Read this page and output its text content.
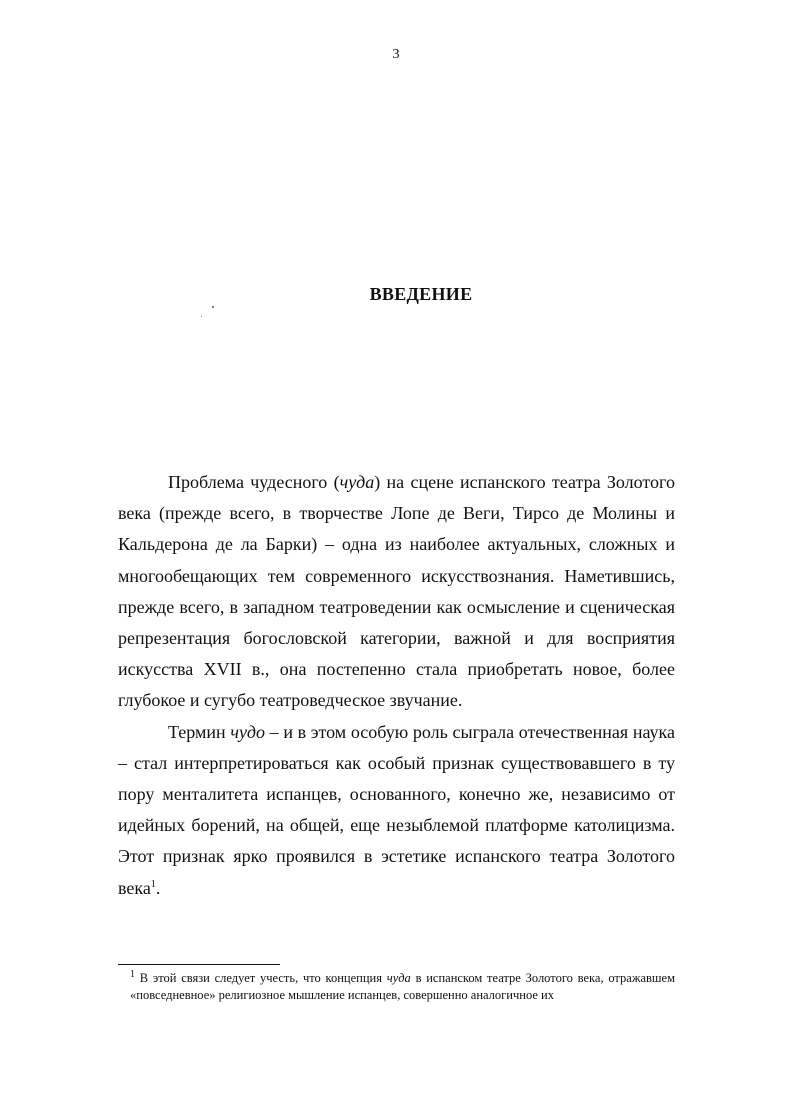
3
ВВЕДЕНИЕ

Проблема чудесного (чуда) на сцене испанского театра Золотого века (прежде всего, в творчестве Лопе де Веги, Тирсо де Молины и Кальдерона де ла Барки) – одна из наиболее актуальных, сложных и многообещающих тем современного искусствознания. Наметившись, прежде всего, в западном театроведении как осмысление и сценическая репрезентация богословской категории, важной и для восприятия искусства XVII в., она постепенно стала приобретать новое, более глубокое и сугубо театроведческое звучание.

Термин чудо – и в этом особую роль сыграла отечественная наука – стал интерпретироваться как особый признак существовавшего в ту пору менталитета испанцев, основанного, конечно же, независимо от идейных борений, на общей, еще незыблемой платформе католицизма. Этот признак ярко проявился в эстетике испанского театра Золотого века$^1$.

$^1$ В этой связи следует учесть, что концепция чуда в испанском театре Золотого века, отражавшем «повседневное» религиозное мышление испанцев, совершенно аналогичное их
